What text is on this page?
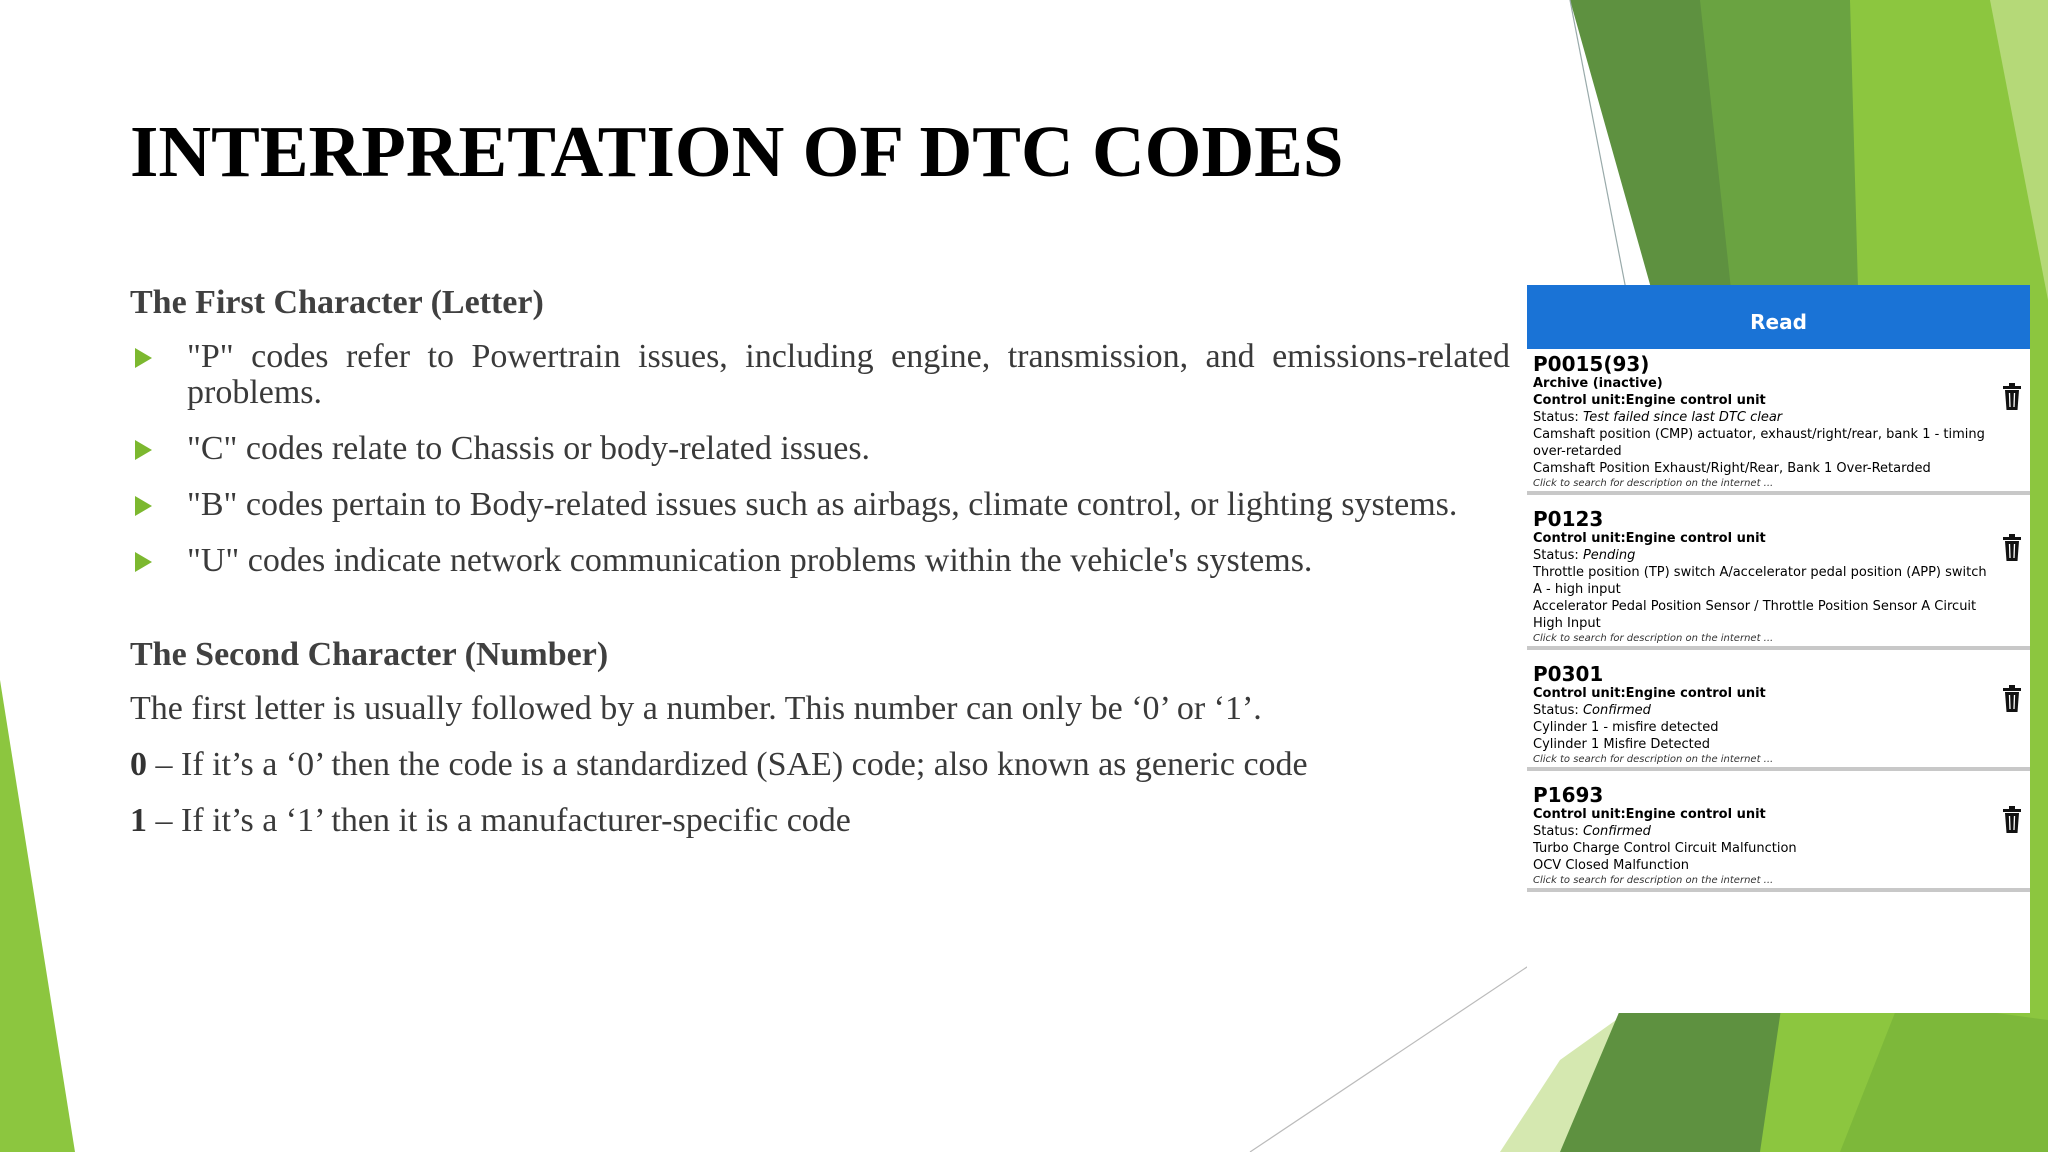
INTERPRETATION OF DTC CODES
The First Character (Letter)
"P" codes refer to Powertrain issues, including engine, transmission, and emissions-related problems.
"C" codes relate to Chassis or body-related issues.
"B" codes pertain to Body-related issues such as airbags, climate control, or lighting systems.
"U" codes indicate network communication problems within the vehicle's systems.
The Second Character (Number)
The first letter is usually followed by a number. This number can only be ‘0’ or ‘1’.
0 – If it’s a ‘0’ then the code is a standardized (SAE) code; also known as generic code
1 – If it’s a ‘1’ then it is a manufacturer-specific code
Read
P0015(93)
Archive (inactive)
Control unit:Engine control unit
Status: Test failed since last DTC clear
Camshaft position (CMP) actuator, exhaust/right/rear, bank 1 - timing over-retarded
Camshaft Position Exhaust/Right/Rear, Bank 1 Over-Retarded
Click to search for description on the internet ...
P0123
Control unit:Engine control unit
Status: Pending
Throttle position (TP) switch A/accelerator pedal position (APP) switch A - high input
Accelerator Pedal Position Sensor / Throttle Position Sensor A Circuit High Input
Click to search for description on the internet ...
P0301
Control unit:Engine control unit
Status: Confirmed
Cylinder 1 - misfire detected
Cylinder 1 Misfire Detected
Click to search for description on the internet ...
P1693
Control unit:Engine control unit
Status: Confirmed
Turbo Charge Control Circuit Malfunction
OCV Closed Malfunction
Click to search for description on the internet ...
